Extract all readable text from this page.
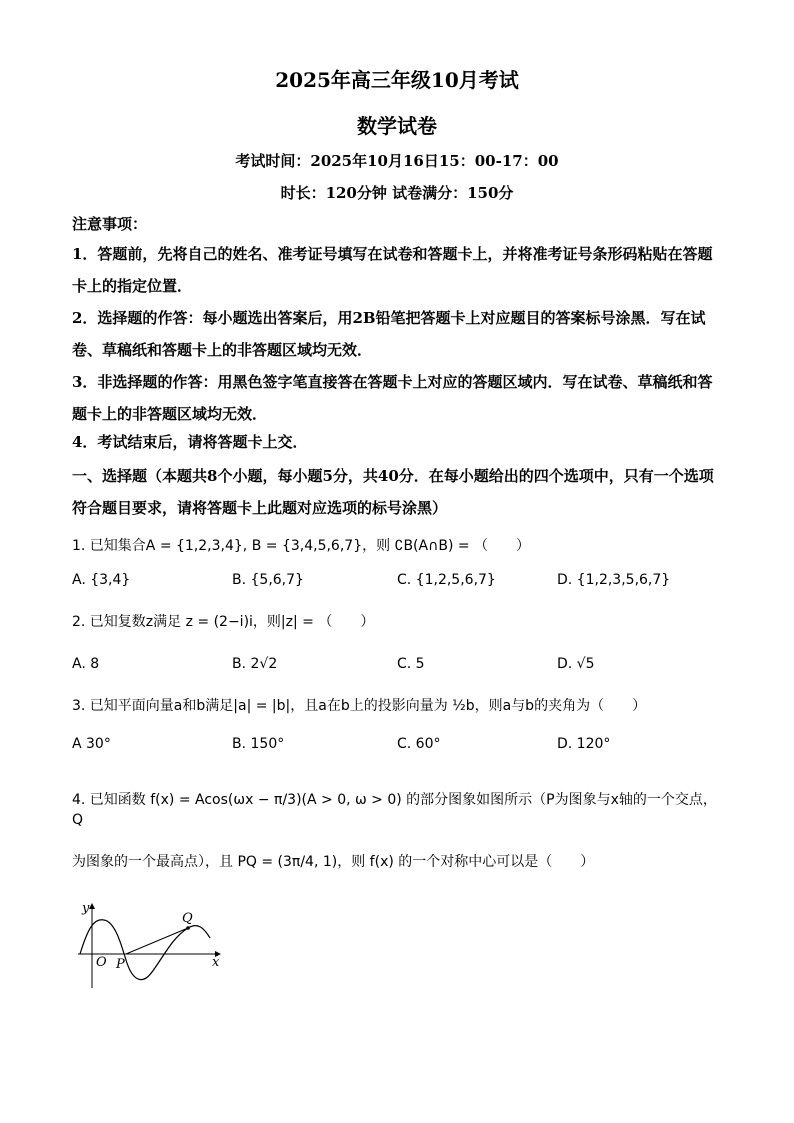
2025年高三年级10月考试
数学试卷
考试时间：2025年10月16日15：00-17：00
时长：120分钟 试卷满分：150分
注意事项：
1．答题前，先将自己的姓名、准考证号填写在试卷和答题卡上，并将准考证号条形码粘贴在答题卡上的指定位置．
2．选择题的作答：每小题选出答案后，用2B铅笔把答题卡上对应题目的答案标号涂黑．写在试卷、草稿纸和答题卡上的非答题区域均无效．
3．非选择题的作答：用黑色签字笔直接答在答题卡上对应的答题区域内．写在试卷、草稿纸和答题卡上的非答题区域均无效．
4．考试结束后，请将答题卡上交．
一、选择题（本题共8个小题，每小题5分，共40分．在每小题给出的四个选项中，只有一个选项符合题目要求，请将答题卡上此题对应选项的标号涂黑）
1. 已知集合A = {1,2,3,4}, B = {3,4,5,6,7}，则 ∁B(A∩B) = （　　）
A. {3,4}	B. {5,6,7}	C. {1,2,5,6,7}	D. {1,2,3,5,6,7}
2. 已知复数z满足 z = (2−i)i，则|z| = （　　）
A. 8	B. 2√2	C. 5	D. √5
3. 已知平面向量a和b满足|a| = |b|，且a在b上的投影向量为 ½b，则a与b的夹角为（　　）
A 30°	B. 150°	C. 60°	D. 120°
4. 已知函数 f(x) = Acos(ωx − π/3)(A > 0, ω > 0) 的部分图象如图所示（P为图象与x轴的一个交点，Q
为图象的一个最高点），且 PQ = (3π/4, 1)，则 f(x) 的一个对称中心可以是（　　）
y
x
O P
Q
